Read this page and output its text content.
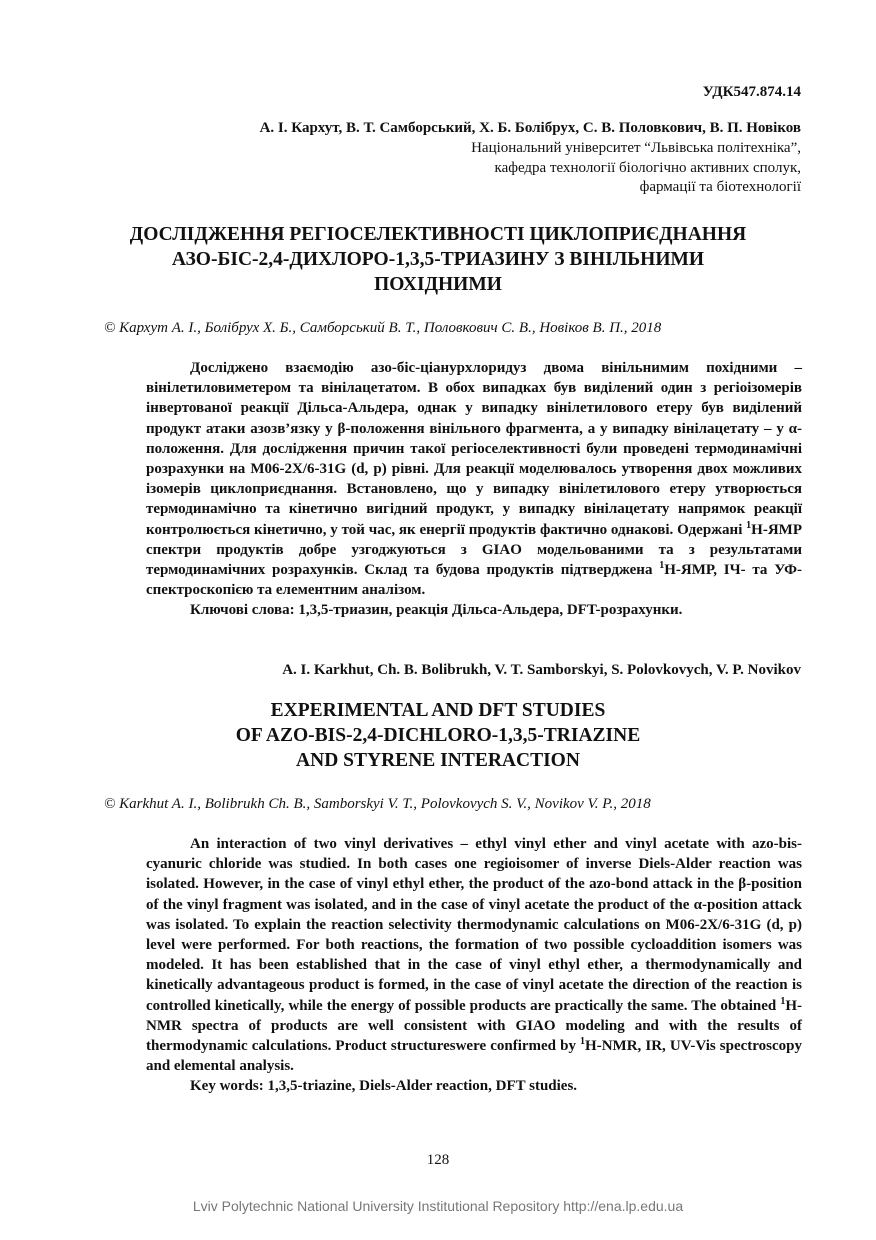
УДК547.874.14
А. І. Кархут, В. Т. Самборський, Х. Б. Болібрух, С. В. Половкович, В. П. Новіков
Національний університет “Львівська політехніка”,
кафедра технології біологічно активних сполук,
фармації та біотехнології
ДОСЛІДЖЕННЯ РЕГІОСЕЛЕКТИВНОСТІ ЦИКЛОПРИЄДНАННЯ
АЗО-БІС-2,4-ДИХЛОРО-1,3,5-ТРИАЗИНУ З ВІНІЛЬНИМИ
ПОХІДНИМИ
© Кархут А. І., Болібрух Х. Б., Самборський В. Т., Половкович С. В., Новіков В. П., 2018

Досліджено взаємодію азо-біс-ціанурхлоридуз двома вінільнимим похідними – вінілетиловиметером та вінілацетатом. В обох випадках був виділений один з регіоізомерів інвертованої реакції Дільса-Альдера, однак у випадку вінілетилового етеру був виділений продукт атаки азозв’язку у β-положення вінільного фрагмента, а у випадку вінілацетату – у α-положення. Для дослідження причин такої регіоселективності були проведені термодинамічні розрахунки на М06-2X/6-31G (d, p) рівні. Для реакції моделювалось утворення двох можливих ізомерів циклоприєднання. Встановлено, що у випадку вінілетилового етеру утворюється термодинамічно та кінетично вигідний продукт, у випадку вінілацетату напрямок реакції контролюється кінетично, у той час, як енергії продуктів фактично однакові. Одержані $^1$Н-ЯМР спектри продуктів добре узгоджуються з GIAO модельованими та з результатами термодинамічних розрахунків. Склад та будова продуктів підтверджена $^1$Н-ЯМР, ІЧ- та УФ-спектроскопією та елементним аналізом.

Ключові слова: 1,3,5-триазин, реакція Дільса-Альдера, DFT-розрахунки.

A. I. Karkhut, Ch. B. Bolibrukh, V. T. Samborskyi, S. Polovkovych, V. P. Novikov
EXPERIMENTAL AND DFT STUDIES
OF AZO-BIS-2,4-DICHLORO-1,3,5-TRIAZINE
AND STYRENE INTERACTION
© Karkhut A. I., Bolibrukh Ch. B., Samborskyi V. T., Polovkovych S. V., Novikov V. P., 2018

An interaction of two vinyl derivatives – ethyl vinyl ether and vinyl acetate with azo-bis-cyanuric chloride was studied. In both cases one regioisomer of inverse Diels-Alder reaction was isolated. However, in the case of vinyl ethyl ether, the product of the azo-bond attack in the β-position of the vinyl fragment was isolated, and in the case of vinyl acetate the product of the α-position attack was isolated. To explain the reaction selectivity thermodynamic calculations on M06-2X/6-31G (d, p) level were performed. For both reactions, the formation of two possible cycloaddition isomers was modeled. It has been established that in the case of vinyl ethyl ether, a thermodynamically and kinetically advantageous product is formed, in the case of vinyl acetate the direction of the reaction is controlled kinetically, while the energy of possible products are practically the same. The obtained $^1$H-NMR spectra of products are well consistent with GIAO modeling and with the results of thermodynamic calculations. Product structureswere confirmed by $^1$H-NMR, IR, UV-Vis spectroscopy and elemental analysis.

Key words: 1,3,5-triazine, Diels-Alder reaction, DFT studies.

128
Lviv Polytechnic National University Institutional Repository http://ena.lp.edu.ua
